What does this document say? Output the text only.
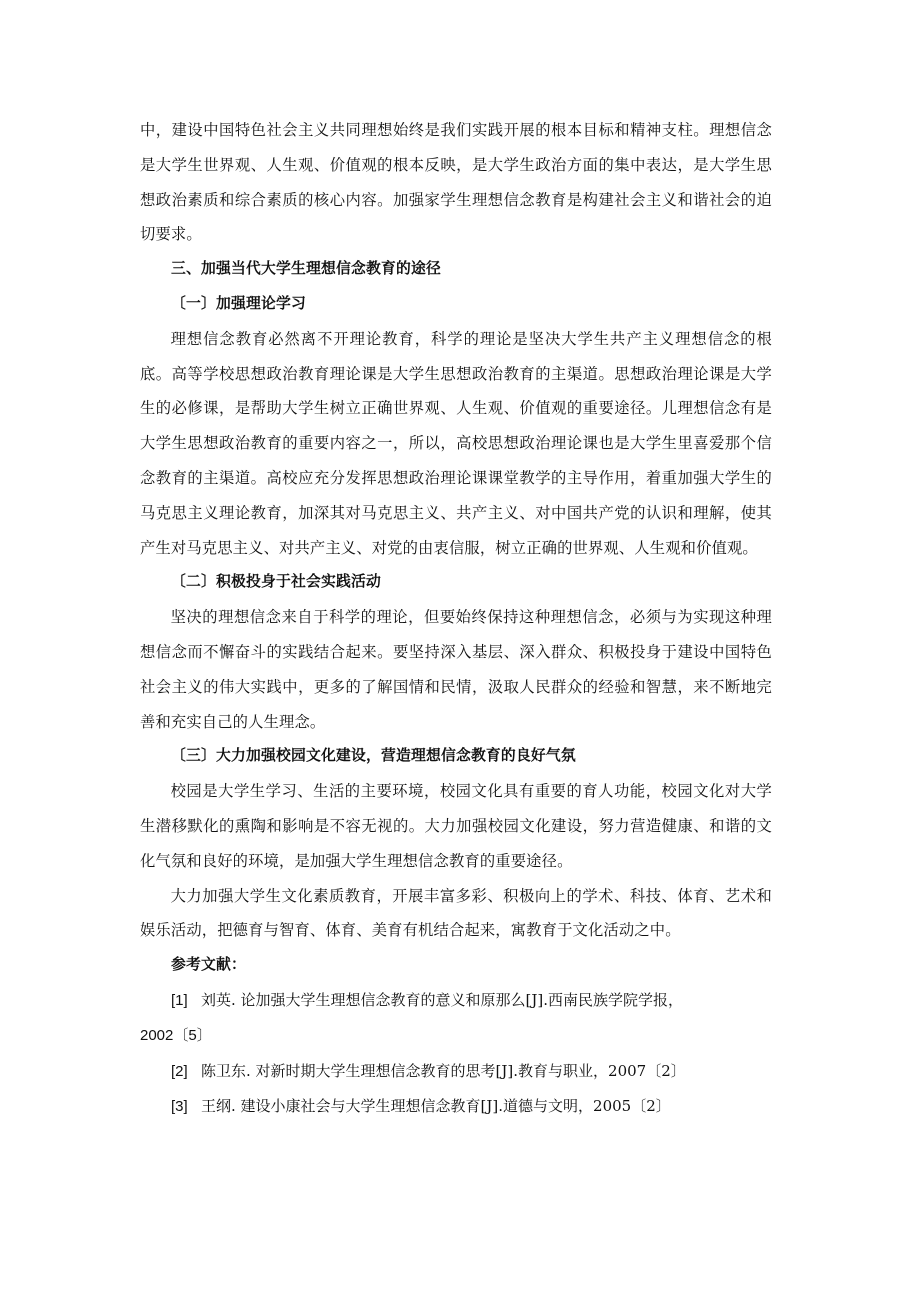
中，建设中国特色社会主义共同理想始终是我们实践开展的根本目标和精神支柱。理想信念是大学生世界观、人生观、价值观的根本反映，是大学生政治方面的集中表达，是大学生思想政治素质和综合素质的核心内容。加强家学生理想信念教育是构建社会主义和谐社会的迫切要求。

三、加强当代大学生理想信念教育的途径

〔一〕加强理论学习

理想信念教育必然离不开理论教育，科学的理论是坚决大学生共产主义理想信念的根底。高等学校思想政治教育理论课是大学生思想政治教育的主渠道。思想政治理论课是大学生的必修课，是帮助大学生树立正确世界观、人生观、价值观的重要途径。儿理想信念有是大学生思想政治教育的重要内容之一，所以，高校思想政治理论课也是大学生里喜爱那个信念教育的主渠道。高校应充分发挥思想政治理论课课堂教学的主导作用，着重加强大学生的马克思主义理论教育，加深其对马克思主义、共产主义、对中国共产党的认识和理解，使其产生对马克思主义、对共产主义、对党的由衷信服，树立正确的世界观、人生观和价值观。

〔二〕积极投身于社会实践活动

坚决的理想信念来自于科学的理论，但要始终保持这种理想信念，必须与为实现这种理想信念而不懈奋斗的实践结合起来。要坚持深入基层、深入群众、积极投身于建设中国特色社会主义的伟大实践中，更多的了解国情和民情，汲取人民群众的经验和智慧，来不断地完善和充实自己的人生理念。

〔三〕大力加强校园文化建设，营造理想信念教育的良好气氛

校园是大学生学习、生活的主要环境，校园文化具有重要的育人功能，校园文化对大学生潜移默化的熏陶和影响是不容无视的。大力加强校园文化建设，努力营造健康、和谐的文化气氛和良好的环境，是加强大学生理想信念教育的重要途径。

大力加强大学生文化素质教育，开展丰富多彩、积极向上的学术、科技、体育、艺术和娱乐活动，把德育与智育、体育、美育有机结合起来，寓教育于文化活动之中。

参考文献：

[1] 刘英. 论加强大学生理想信念教育的意义和原那么[J].西南民族学院学报，

2002〔5〕

[2] 陈卫东. 对新时期大学生理想信念教育的思考[J].教育与职业，2007〔2〕

[3] 王纲. 建设小康社会与大学生理想信念教育[J].道德与文明，2005〔2〕
